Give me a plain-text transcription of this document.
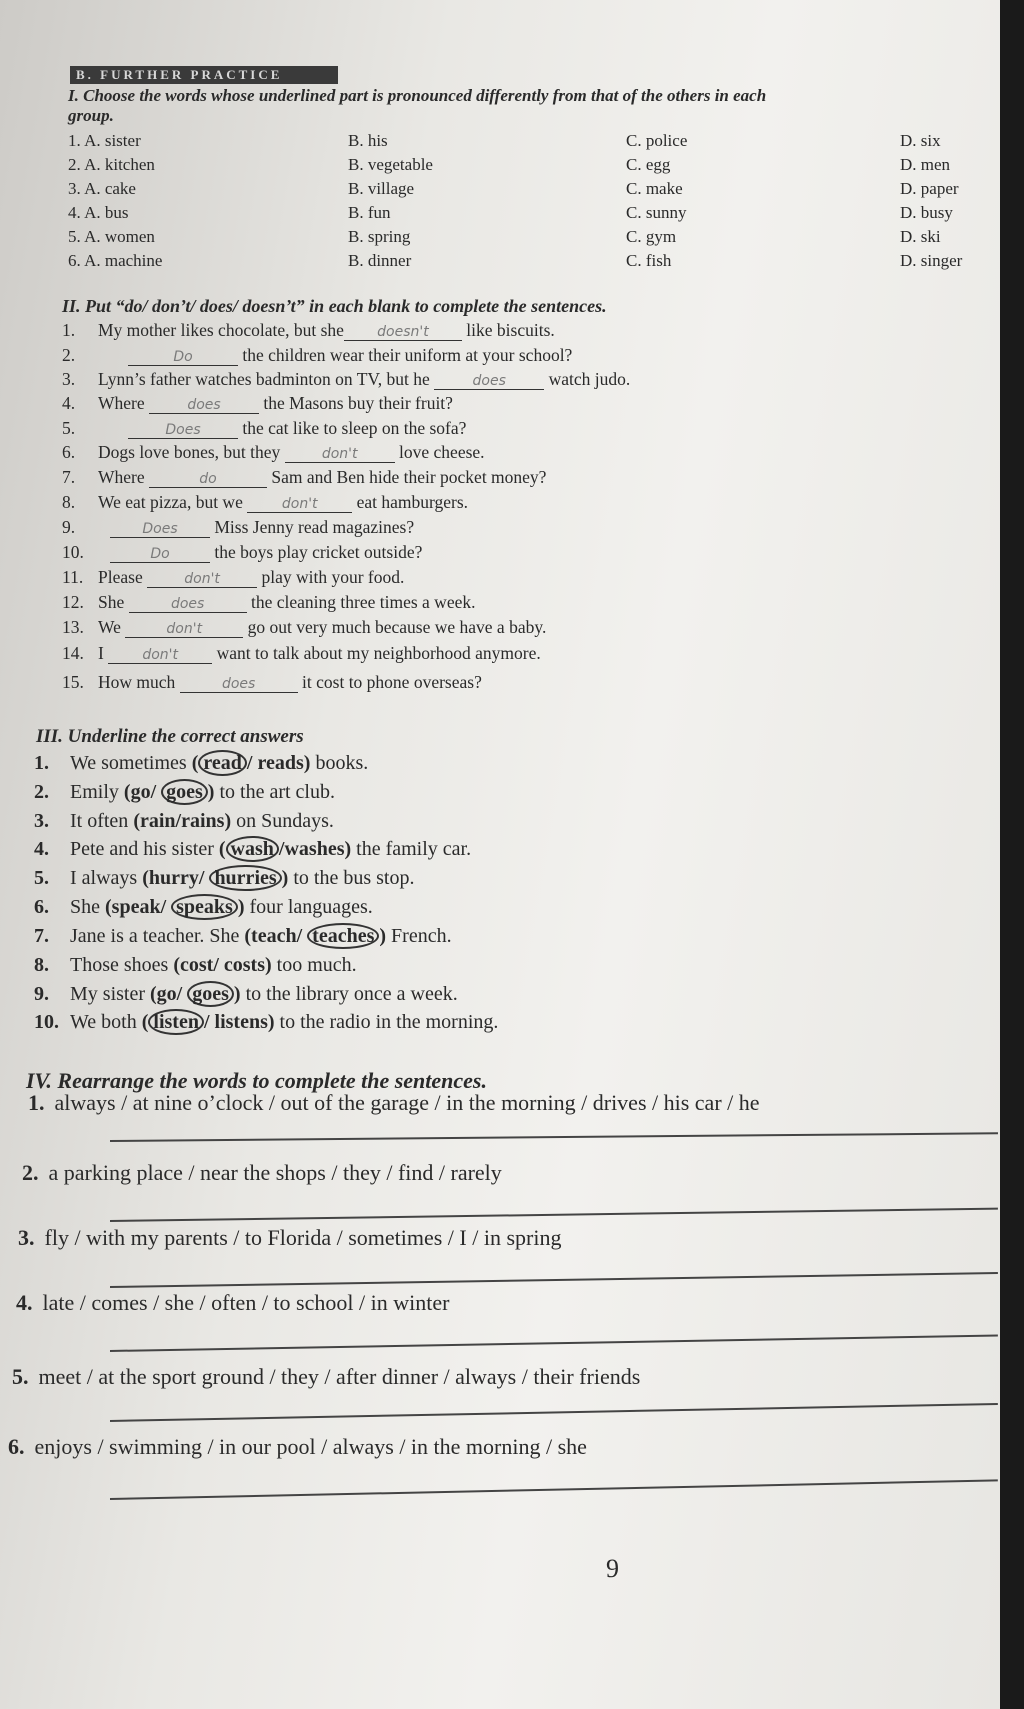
B. FURTHER PRACTICE
I. Choose the words whose underlined part is pronounced differently from that of the others in each
group.
1. A. sister	B. his	C. police	D. six
2. A. kitchen	B. vegetable	C. egg	D. men
3. A. cake	B. village	C. make	D. paper
4. A. bus	B. fun	C. sunny	D. busy
5. A. women	B. spring	C. gym	D. ski
6. A. machine	B. dinner	C. fish	D. singer
II. Put “do/ don’t/ does/ doesn’t” in each blank to complete the sentences.
1. My mother likes chocolate, but she doesn't like biscuits.
2.	Do	the children wear their uniform at your school?
3. Lynn’s father watches badminton on TV, but he	does watch judo.
4. Where	does the Masons buy their fruit?
5.	Does the cat like to sleep on the sofa?
6. Dogs love bones, but they	don't love cheese.
7. Where	do	Sam and Ben hide their pocket money?
8. We eat pizza, but we	don't eat hamburgers.
9.	Does Miss Jenny read magazines?
10.	Do	the boys play cricket outside?
11. Please	don't play with your food.
12. She	does	the cleaning three times a week.
13. We	don't	go out very much because we have a baby.
14. I	don't want to talk about my neighborhood anymore.
15. How much	does	it cost to phone overseas?
III. Underline the correct answers
1. We sometimes ( read / reads) books.
2. Emily (go/ goes ) to the art club.
3. It often (rain/rains) on Sundays.
4. Pete and his sister ( wash /washes) the family car.
5. I always (hurry/ hurries ) to the bus stop.
6. She (speak/ speaks ) four languages.
7. Jane is a teacher. She (teach/ teaches ) French.
8. Those shoes (cost/ costs) too much.
9. My sister (go/ goes ) to the library once a week.
10. We both ( listen / listens) to the radio in the morning.
IV. Rearrange the words to complete the sentences.
1. always / at nine o’clock / out of the garage / in the morning / drives / his car / he
2. a parking place / near the shops / they / find / rarely
3. fly / with my parents / to Florida / sometimes / I / in spring
4. late / comes / she / often / to school / in winter
5. meet / at the sport ground / they / after dinner / always / their friends
6. enjoys / swimming / in our pool / always / in the morning / she
9
